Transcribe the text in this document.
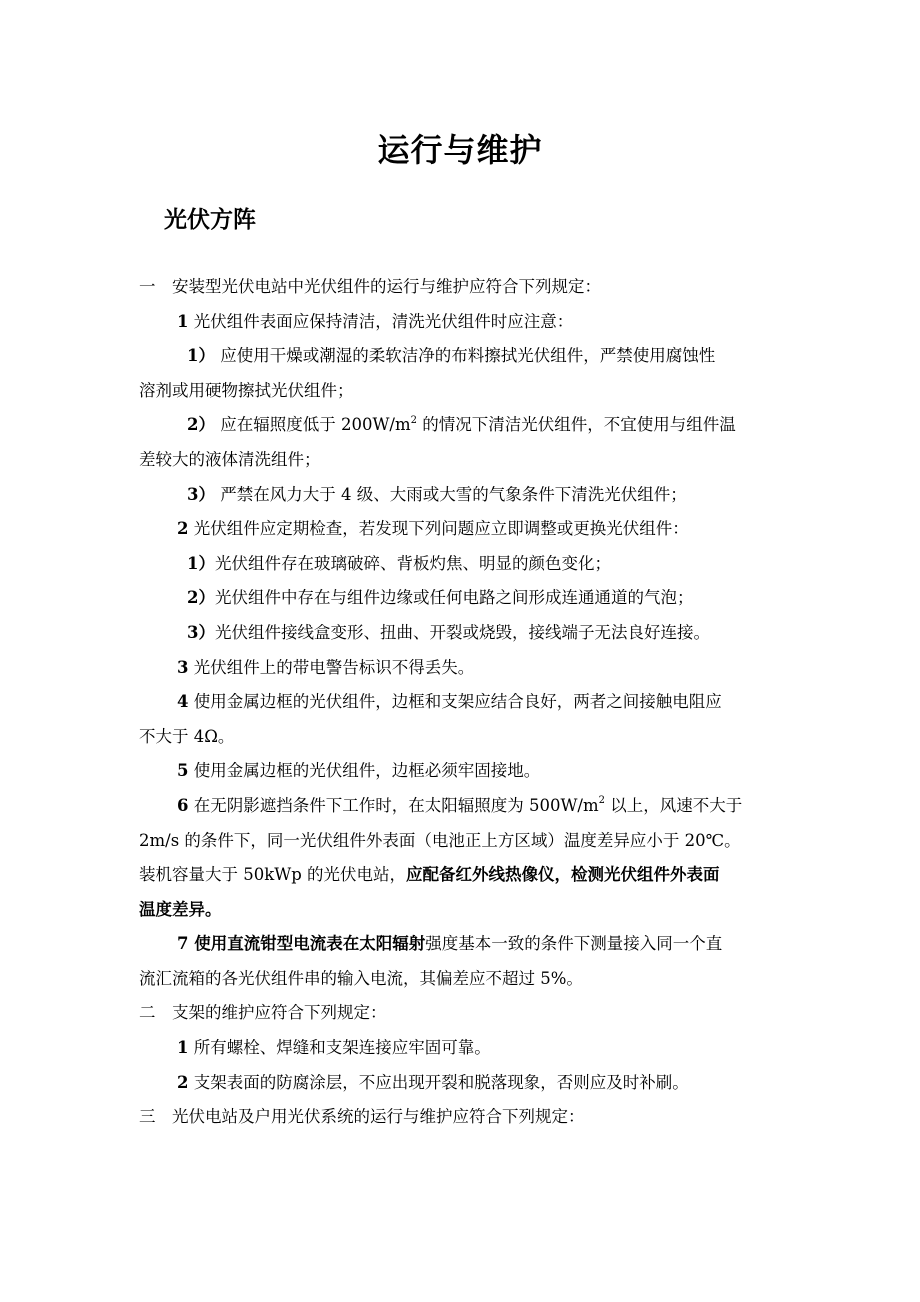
运行与维护
光伏方阵

一　安装型光伏电站中光伏组件的运行与维护应符合下列规定：

1 光伏组件表面应保持清洁，清洗光伏组件时应注意：

1） 应使用干燥或潮湿的柔软洁净的布料擦拭光伏组件，严禁使用腐蚀性

溶剂或用硬物擦拭光伏组件；

2） 应在辐照度低于 $200W/m^2$ 的情况下清洁光伏组件，不宜使用与组件温

差较大的液体清洗组件；

3） 严禁在风力大于 4 级、大雨或大雪的气象条件下清洗光伏组件；

2 光伏组件应定期检查，若发现下列问题应立即调整或更换光伏组件：

1）光伏组件存在玻璃破碎、背板灼焦、明显的颜色变化；

2）光伏组件中存在与组件边缘或任何电路之间形成连通通道的气泡；

3）光伏组件接线盒变形、扭曲、开裂或烧毁，接线端子无法良好连接。

3 光伏组件上的带电警告标识不得丢失。

4 使用金属边框的光伏组件，边框和支架应结合良好，两者之间接触电阻应

不大于 4Ω。

5 使用金属边框的光伏组件，边框必须牢固接地。

6 在无阴影遮挡条件下工作时，在太阳辐照度为 $500W/m^2$ 以上，风速不大于

2m/s 的条件下，同一光伏组件外表面（电池正上方区域）温度差异应小于 20℃。

装机容量大于 50kWp 的光伏电站，应配备红外线热像仪，检测光伏组件外表面

温度差异。

7 使用直流钳型电流表在太阳辐射强度基本一致的条件下测量接入同一个直

流汇流箱的各光伏组件串的输入电流，其偏差应不超过 5%。

二　支架的维护应符合下列规定：

1 所有螺栓、焊缝和支架连接应牢固可靠。

2 支架表面的防腐涂层，不应出现开裂和脱落现象，否则应及时补刷。

三　光伏电站及户用光伏系统的运行与维护应符合下列规定：
